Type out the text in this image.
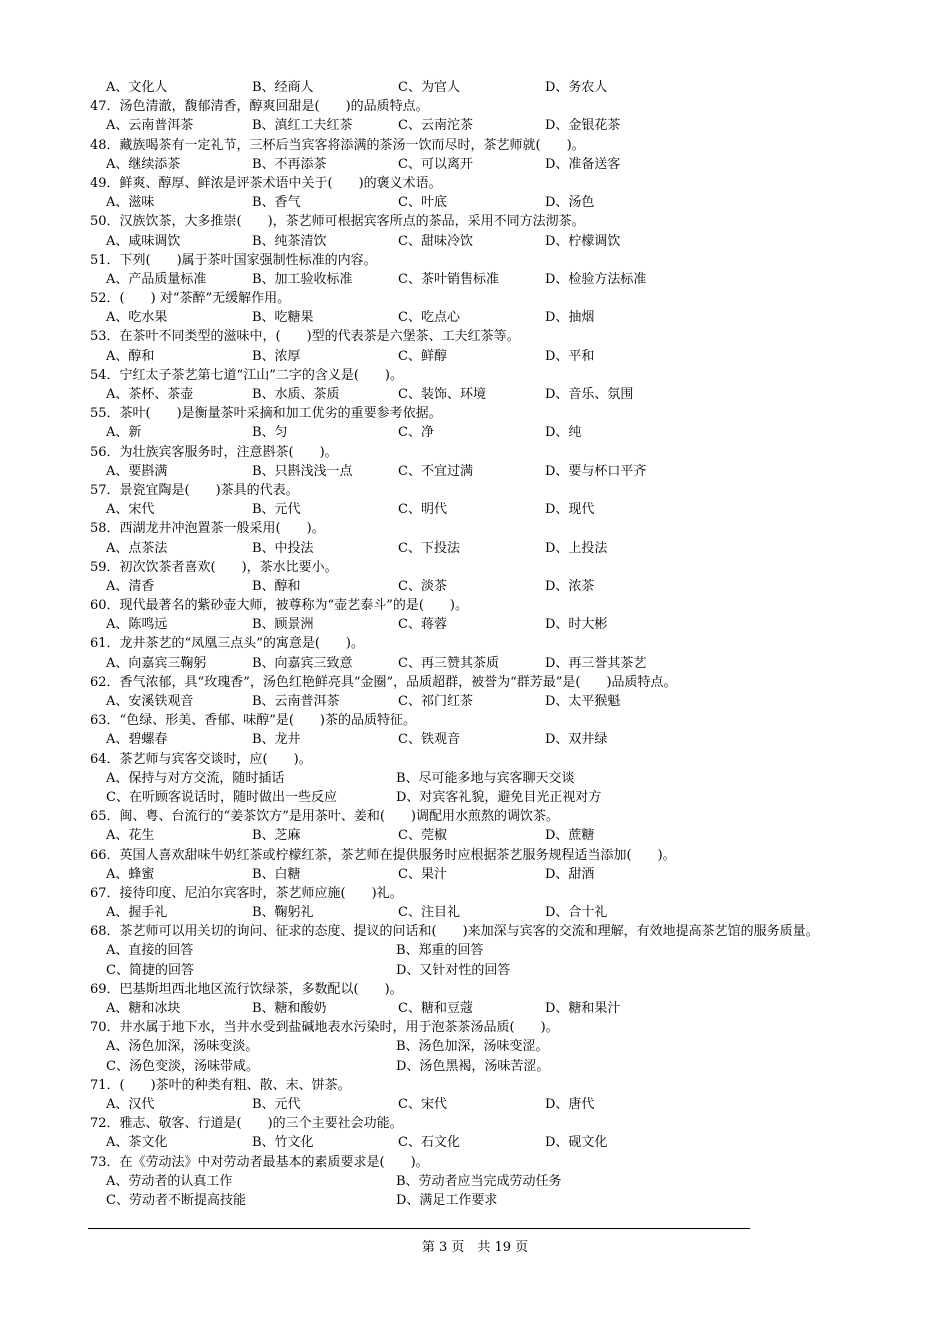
A、文化人	B、经商人	C、为官人	D、务农人
47．汤色清澈，馥郁清香，醇爽回甜是(　　)的品质特点。
A、云南普洱茶	B、滇红工夫红茶	C、云南沱茶	D、金银花茶
48．藏族喝茶有一定礼节，三杯后当宾客将添满的茶汤一饮而尽时，茶艺师就(　　)。
A、继续添茶	B、不再添茶	C、可以离开	D、准备送客
49．鲜爽、醇厚、鲜浓是评茶术语中关于(　　)的褒义术语。
A、滋味	B、香气	C、叶底	D、汤色
50．汉族饮茶，大多推崇(　　)，茶艺师可根据宾客所点的茶品，采用不同方法沏茶。
A、咸味调饮	B、纯茶清饮	C、甜味冷饮	D、柠檬调饮
51．下列(　　)属于茶叶国家强制性标准的内容。
A、产品质量标准	B、加工验收标准	C、茶叶销售标准	D、检验方法标准
52．(　　) 对“茶醉”无缓解作用。
A、吃水果	B、吃糖果	C、吃点心	D、抽烟
53．在茶叶不同类型的滋味中，(　　)型的代表茶是六堡茶、工夫红茶等。
A、醇和	B、浓厚	C、鲜醇	D、平和
54．宁红太子茶艺第七道“江山”二字的含义是(　　)。
A、茶杯、茶壶	B、水质、茶质	C、装饰、环境	D、音乐、氛围
55．茶叶(　　)是衡量茶叶采摘和加工优劣的重要参考依据。
A、新	B、匀	C、净	D、纯
56．为壮族宾客服务时，注意斟茶(　　)。
A、要斟满	B、只斟浅浅一点	C、不宜过满	D、要与杯口平齐
57．景瓷宜陶是(　　)茶具的代表。
A、宋代	B、元代	C、明代	D、现代
58．西湖龙井冲泡置茶一般采用(　　)。
A、点茶法	B、中投法	C、下投法	D、上投法
59．初次饮茶者喜欢(　　)，茶水比要小。
A、清香	B、醇和	C、淡茶	D、浓茶
60．现代最著名的紫砂壶大师，被尊称为“壶艺泰斗”的是(　　)。
A、陈鸣远	B、顾景洲	C、蒋蓉	D、时大彬
61．龙井茶艺的“凤凰三点头”的寓意是(　　)。
A、向嘉宾三鞠躬	B、向嘉宾三致意	C、再三赞其茶质	D、再三誉其茶艺
62．香气浓郁，具“玫瑰香”，汤色红艳鲜亮具“金圈”，品质超群，被誉为“群芳最”是(　　)品质特点。
A、安溪铁观音	B、云南普洱茶	C、祁门红茶	D、太平猴魁
63．“色绿、形美、香郁、味醇”是(　　)茶的品质特征。
A、碧螺春	B、龙井	C、铁观音	D、双井绿
64．茶艺师与宾客交谈时，应(　　)。
A、保持与对方交流，随时插话	B、尽可能多地与宾客聊天交谈
C、在听顾客说话时，随时做出一些反应	D、对宾客礼貌，避免目光正视对方
65．闽、粤、台流行的“姜茶饮方”是用茶叶、姜和(　　)调配用水煎熬的调饮茶。
A、花生	B、芝麻	C、莞椒	D、蔗糖
66．英国人喜欢甜味牛奶红茶或柠檬红茶，茶艺师在提供服务时应根据茶艺服务规程适当添加(　　)。
A、蜂蜜	B、白糖	C、果汁	D、甜酒
67．接待印度、尼泊尔宾客时，茶艺师应施(　　)礼。
A、握手礼	B、鞠躬礼	C、注目礼	D、合十礼
68．茶艺师可以用关切的询问、征求的态度、提议的问话和(　　)来加深与宾客的交流和理解，有效地提高茶艺馆的服务质量。
A、直接的回答	B、郑重的回答
C、简捷的回答	D、又针对性的回答
69．巴基斯坦西北地区流行饮绿茶，多数配以(　　)。
A、糖和冰块	B、糖和酸奶	C、糖和豆蔻	D、糖和果汁
70．井水属于地下水，当井水受到盐碱地表水污染时，用于泡茶茶汤品质(　　)。
A、汤色加深，汤味变淡。	B、汤色加深，汤味变涩。
C、汤色变淡，汤味带咸。	D、汤色黑褐，汤味苦涩。
71．(　　)茶叶的种类有粗、散、末、饼茶。
A、汉代	B、元代	C、宋代	D、唐代
72．雅志、敬客、行道是(　　)的三个主要社会功能。
A、茶文化	B、竹文化	C、石文化	D、砚文化
73．在《劳动法》中对劳动者最基本的素质要求是(　　)。
A、劳动者的认真工作	B、劳动者应当完成劳动任务
C、劳动者不断提高技能	D、满足工作要求
第 3 页　共 19 页
